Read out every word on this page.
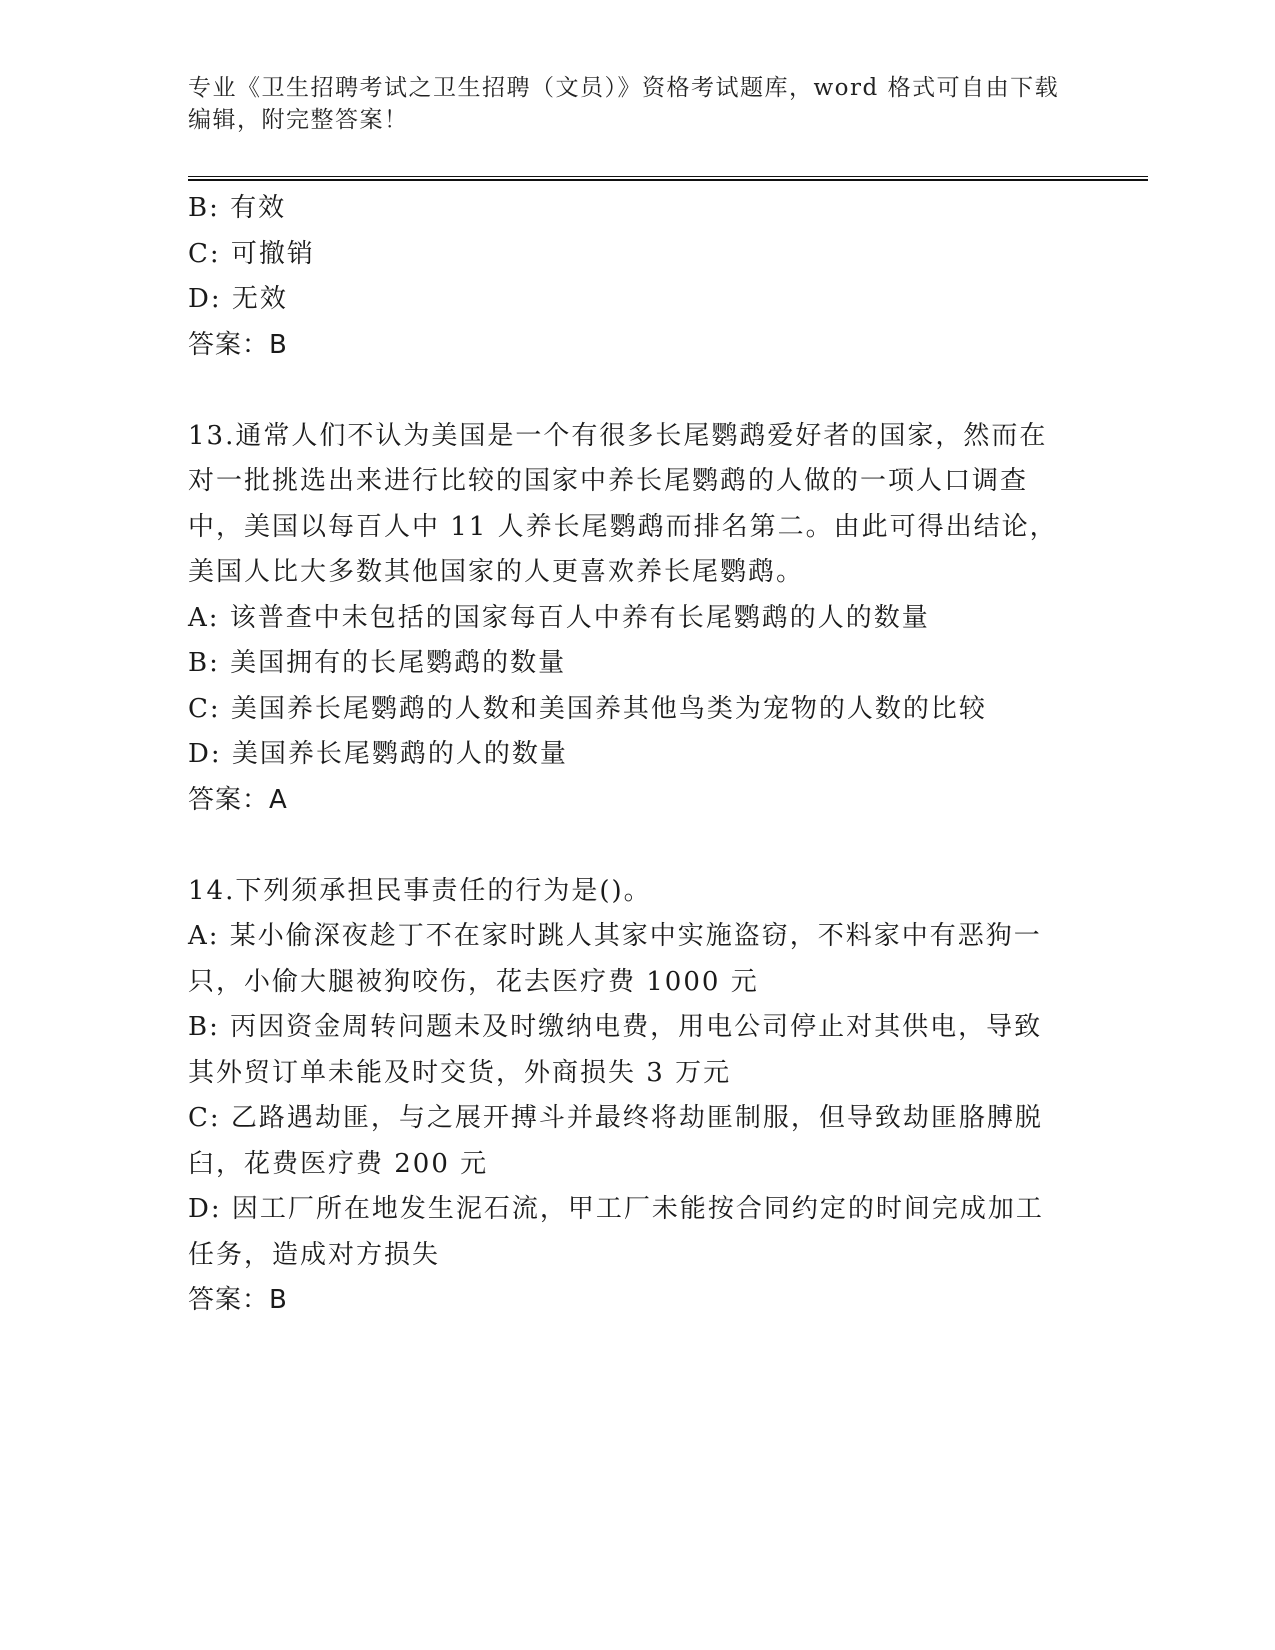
专业《卫生招聘考试之卫生招聘（文员）》资格考试题库，word 格式可自由下载
编辑，附完整答案！
B: 有效
C: 可撤销
D: 无效
答案：B
13.通常人们不认为美国是一个有很多长尾鹦鹉爱好者的国家，然而在
对一批挑选出来进行比较的国家中养长尾鹦鹉的人做的一项人口调查
中，美国以每百人中 11 人养长尾鹦鹉而排名第二。由此可得出结论，
美国人比大多数其他国家的人更喜欢养长尾鹦鹉。
A: 该普查中未包括的国家每百人中养有长尾鹦鹉的人的数量
B: 美国拥有的长尾鹦鹉的数量
C: 美国养长尾鹦鹉的人数和美国养其他鸟类为宠物的人数的比较
D: 美国养长尾鹦鹉的人的数量
答案：A
14.下列须承担民事责任的行为是()。
A: 某小偷深夜趁丁不在家时跳人其家中实施盗窃，不料家中有恶狗一
只，小偷大腿被狗咬伤，花去医疗费 1000 元
B: 丙因资金周转问题未及时缴纳电费，用电公司停止对其供电，导致
其外贸订单未能及时交货，外商损失 3 万元
C: 乙路遇劫匪，与之展开搏斗并最终将劫匪制服，但导致劫匪胳膊脱
臼，花费医疗费 200 元
D: 因工厂所在地发生泥石流，甲工厂未能按合同约定的时间完成加工
任务，造成对方损失
答案：B
